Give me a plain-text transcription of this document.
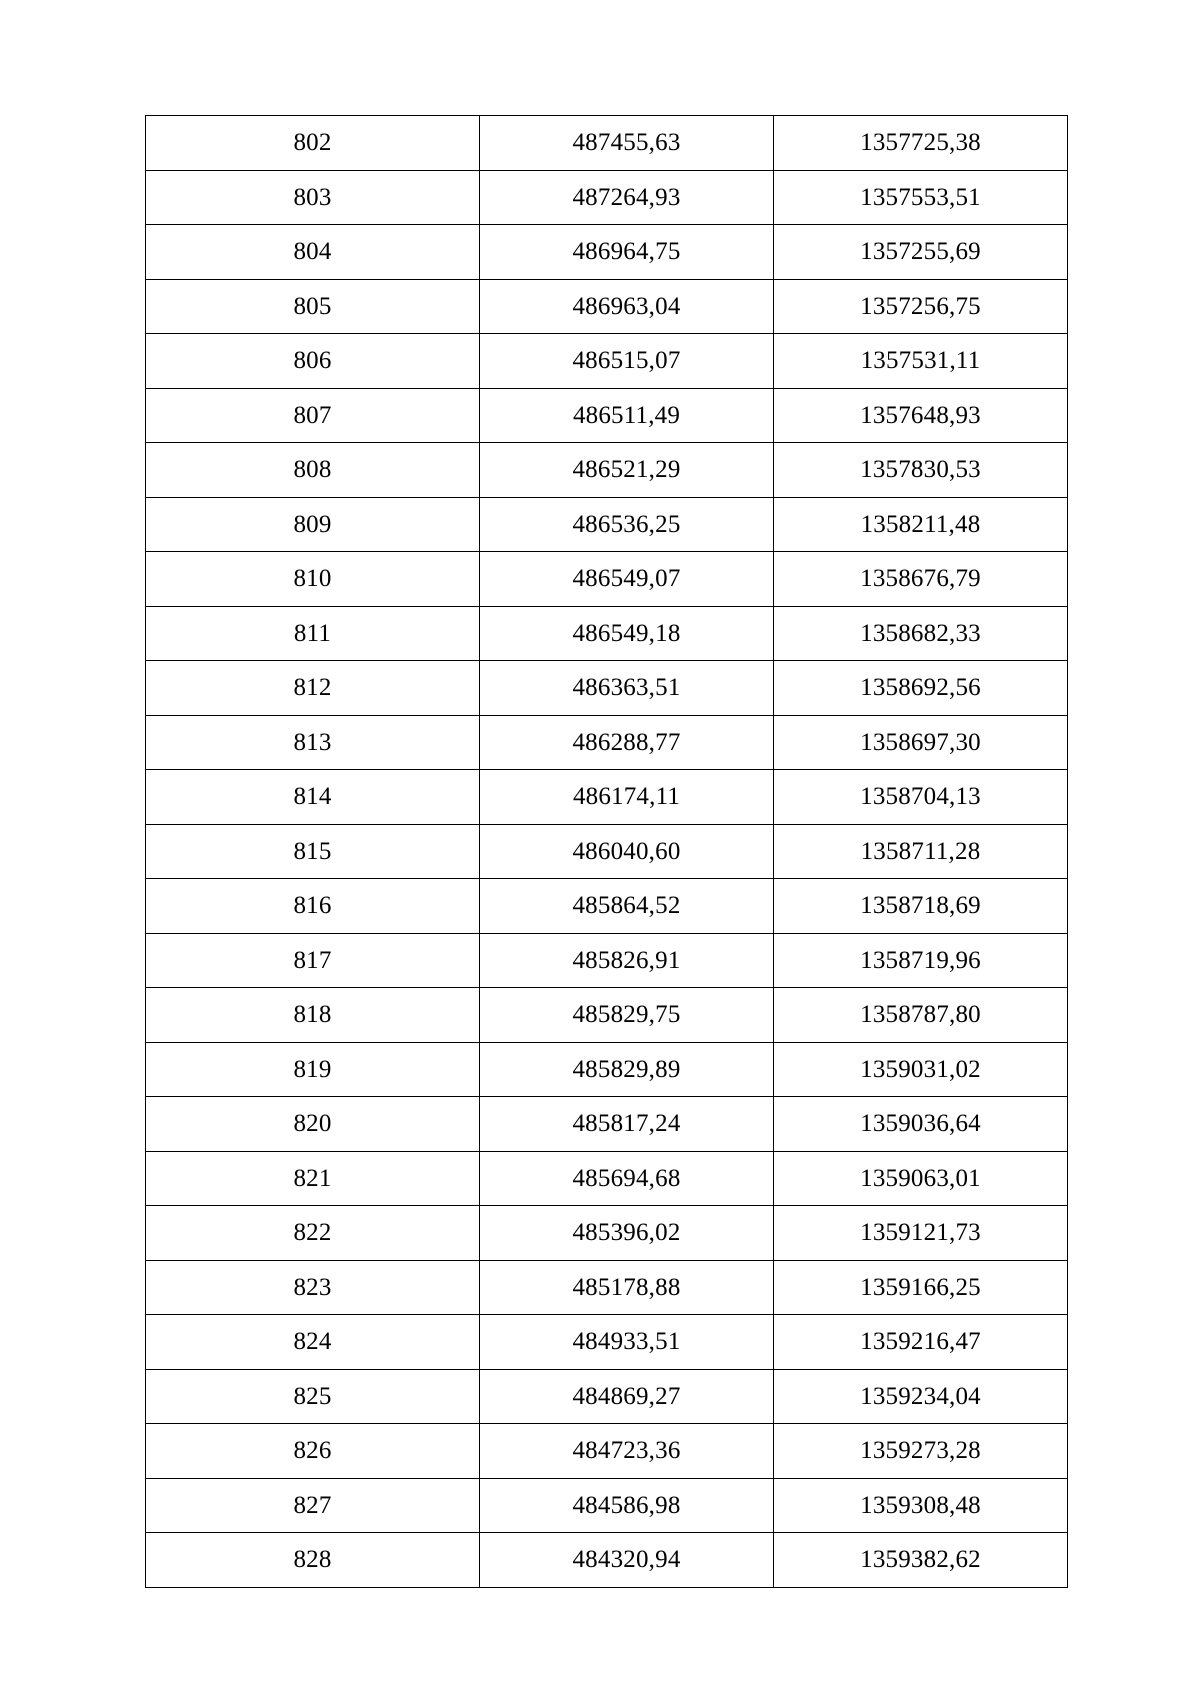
802	487455,63	1357725,38
803	487264,93	1357553,51
804	486964,75	1357255,69
805	486963,04	1357256,75
806	486515,07	1357531,11
807	486511,49	1357648,93
808	486521,29	1357830,53
809	486536,25	1358211,48
810	486549,07	1358676,79
811	486549,18	1358682,33
812	486363,51	1358692,56
813	486288,77	1358697,30
814	486174,11	1358704,13
815	486040,60	1358711,28
816	485864,52	1358718,69
817	485826,91	1358719,96
818	485829,75	1358787,80
819	485829,89	1359031,02
820	485817,24	1359036,64
821	485694,68	1359063,01
822	485396,02	1359121,73
823	485178,88	1359166,25
824	484933,51	1359216,47
825	484869,27	1359234,04
826	484723,36	1359273,28
827	484586,98	1359308,48
828	484320,94	1359382,62
